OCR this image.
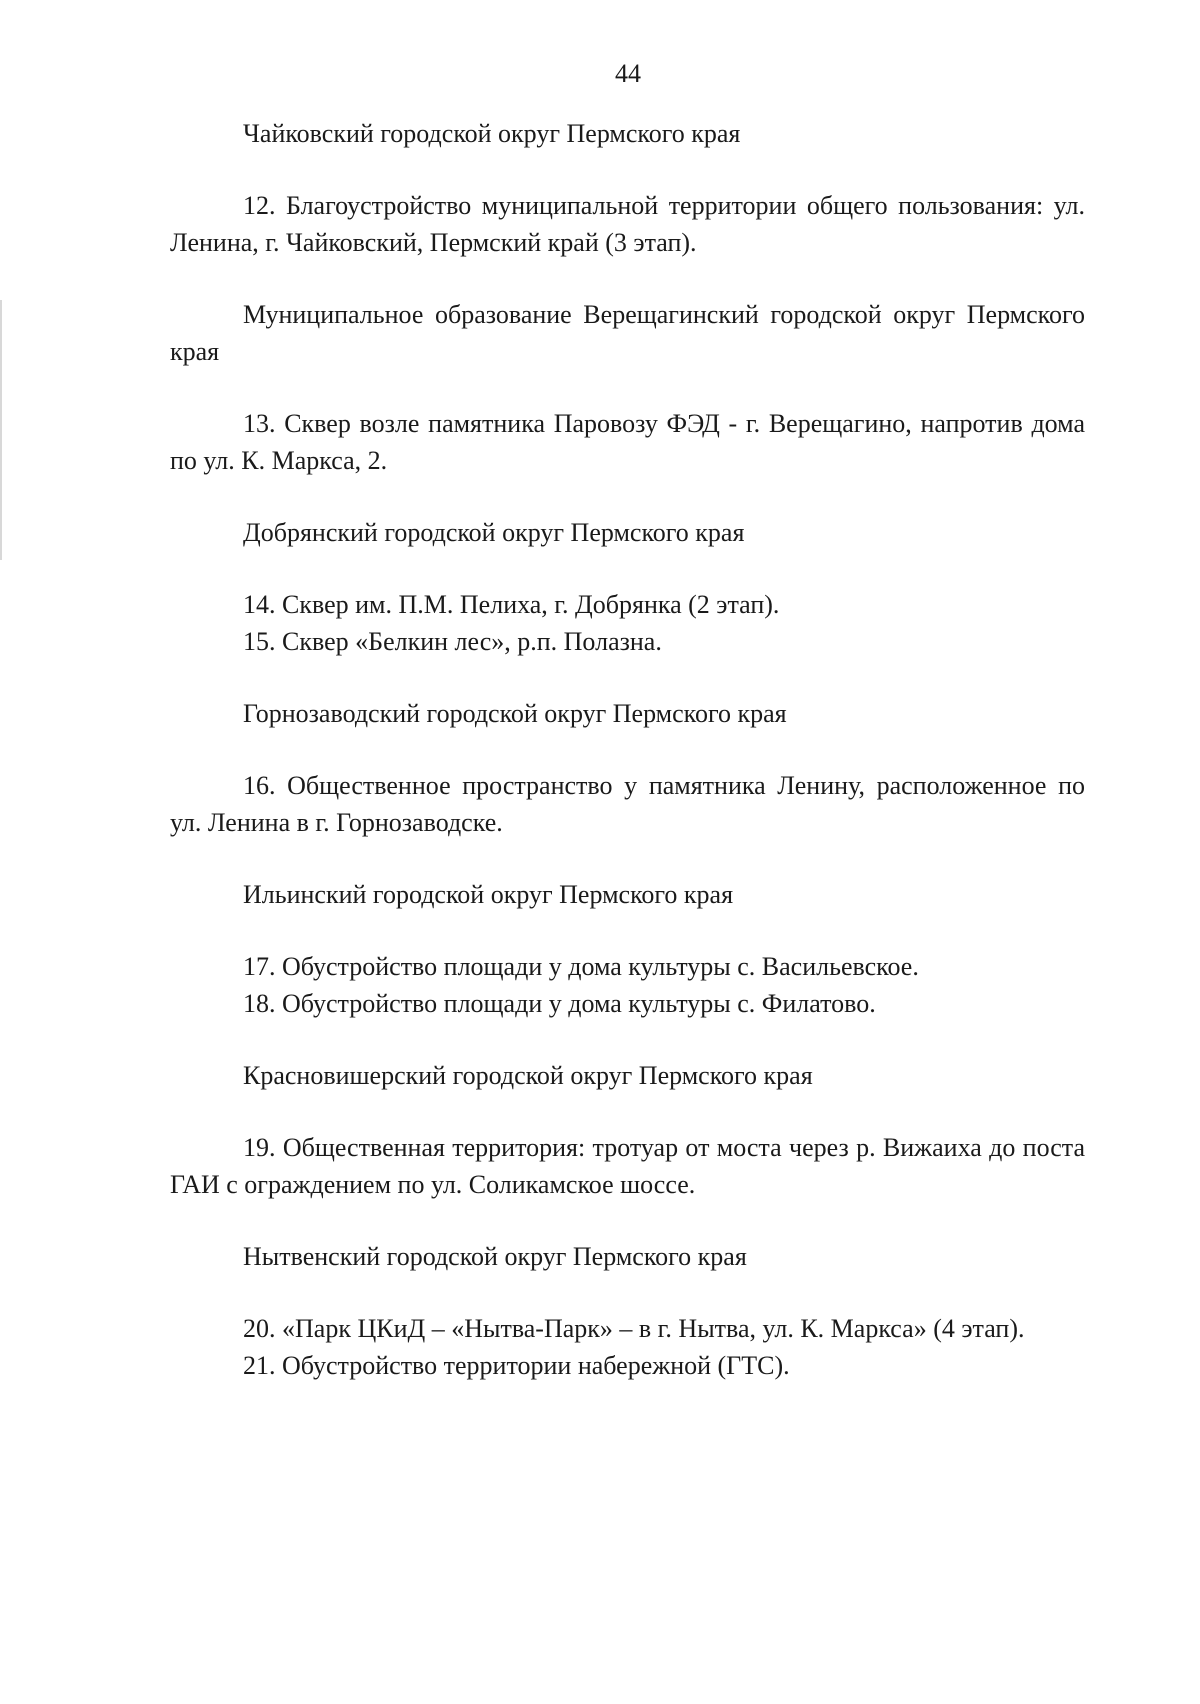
44

Чайковский городской округ Пермского края

12. Благоустройство муниципальной территории общего пользования: ул. Ленина, г. Чайковский, Пермский край (3 этап).

Муниципальное образование Верещагинский городской округ Пермского края

13. Сквер возле памятника Паровозу ФЭД - г. Верещагино, напротив дома по ул. К. Маркса, 2.

Добрянский городской округ Пермского края

14. Сквер им. П.М. Пелиха, г. Добрянка (2 этап).

15. Сквер «Белкин лес», р.п. Полазна.

Горнозаводский городской округ Пермского края

16. Общественное пространство у памятника Ленину, расположенное по ул. Ленина в г. Горнозаводске.

Ильинский городской округ Пермского края

17. Обустройство площади у дома культуры с. Васильевское.

18. Обустройство площади у дома культуры с. Филатово.

Красновишерский городской округ Пермского края

19. Общественная территория: тротуар от моста через р. Вижаиха до поста ГАИ с ограждением по ул. Соликамское шоссе.

Нытвенский городской округ Пермского края

20. «Парк ЦКиД – «Нытва-Парк» – в г. Нытва, ул. К. Маркса» (4 этап).

21. Обустройство территории набережной (ГТС).
